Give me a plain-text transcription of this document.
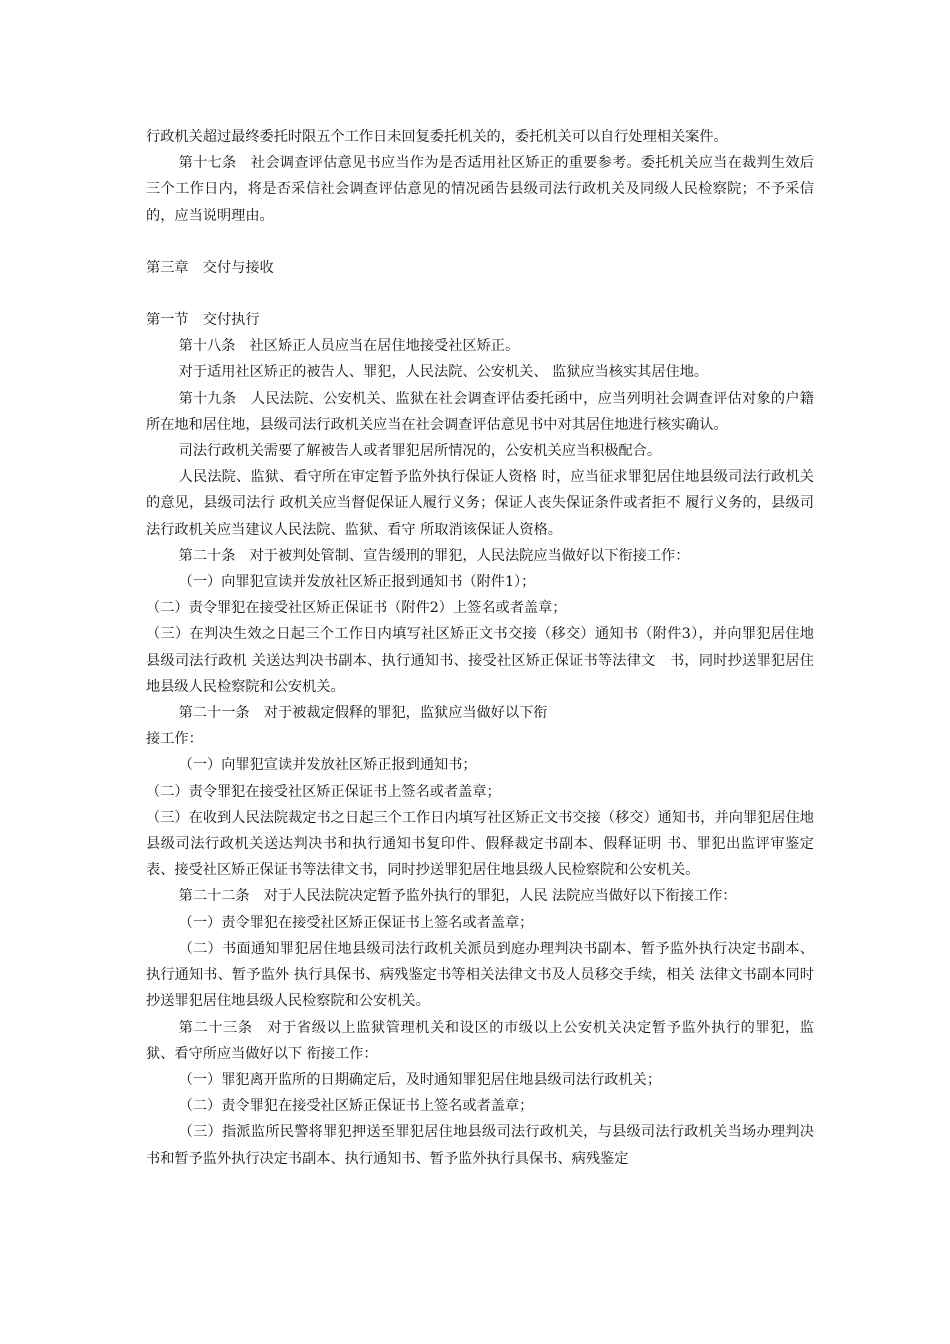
行政机关超过最终委托时限五个工作日未回复委托机关的，委托机关可以自行处理相关案件。

第十七条　社会调查评估意见书应当作为是否适用社区矫正的重要参考。委托机关应当在裁判生效后三个工作日内，将是否采信社会调查评估意见的情况函告县级司法行政机关及同级人民检察院；不予采信的，应当说明理由。

第三章　交付与接收

第一节　交付执行

第十八条　社区矫正人员应当在居住地接受社区矫正。

对于适用社区矫正的被告人、罪犯，人民法院、公安机关、 监狱应当核实其居住地。

第十九条　人民法院、公安机关、监狱在社会调查评估委托函中，应当列明社会调查评估对象的户籍所在地和居住地，县级司法行政机关应当在社会调查评估意见书中对其居住地进行核实确认。

司法行政机关需要了解被告人或者罪犯居所情况的，公安机关应当积极配合。

人民法院、监狱、看守所在审定暂予监外执行保证人资格 时，应当征求罪犯居住地县级司法行政机关的意见，县级司法行 政机关应当督促保证人履行义务；保证人丧失保证条件或者拒不 履行义务的，县级司法行政机关应当建议人民法院、监狱、看守 所取消该保证人资格。

第二十条　对于被判处管制、宣告缓刑的罪犯，人民法院应当做好以下衔接工作：

（一）向罪犯宣读并发放社区矫正报到通知书（附件1）；

（二）责令罪犯在接受社区矫正保证书（附件2）上签名或者盖章；

（三）在判决生效之日起三个工作日内填写社区矫正文书交接（移交）通知书（附件3），并向罪犯居住地县级司法行政机 关送达判决书副本、执行通知书、接受社区矫正保证书等法律文　书，同时抄送罪犯居住地县级人民检察院和公安机关。

第二十一条　对于被裁定假释的罪犯，监狱应当做好以下衔

接工作：

（一）向罪犯宣读并发放社区矫正报到通知书；

（二）责令罪犯在接受社区矫正保证书上签名或者盖章；

（三）在收到人民法院裁定书之日起三个工作日内填写社区矫正文书交接（移交）通知书，并向罪犯居住地县级司法行政机关送达判决书和执行通知书复印件、假释裁定书副本、假释证明 书、罪犯出监评审鉴定表、接受社区矫正保证书等法律文书，同时抄送罪犯居住地县级人民检察院和公安机关。

第二十二条　对于人民法院决定暂予监外执行的罪犯，人民 法院应当做好以下衔接工作：

（一）责令罪犯在接受社区矫正保证书上签名或者盖章；

（二）书面通知罪犯居住地县级司法行政机关派员到庭办理判决书副本、暂予监外执行决定书副本、执行通知书、暂予监外 执行具保书、病残鉴定书等相关法律文书及人员移交手续，相关 法律文书副本同时抄送罪犯居住地县级人民检察院和公安机关。

第二十三条　对于省级以上监狱管理机关和设区的市级以上公安机关决定暂予监外执行的罪犯，监狱、看守所应当做好以下 衔接工作：

（一）罪犯离开监所的日期确定后，及时通知罪犯居住地县级司法行政机关；

（二）责令罪犯在接受社区矫正保证书上签名或者盖章；

（三）指派监所民警将罪犯押送至罪犯居住地县级司法行政机关，与县级司法行政机关当场办理判决书和暂予监外执行决定书副本、执行通知书、暂予监外执行具保书、病残鉴定
